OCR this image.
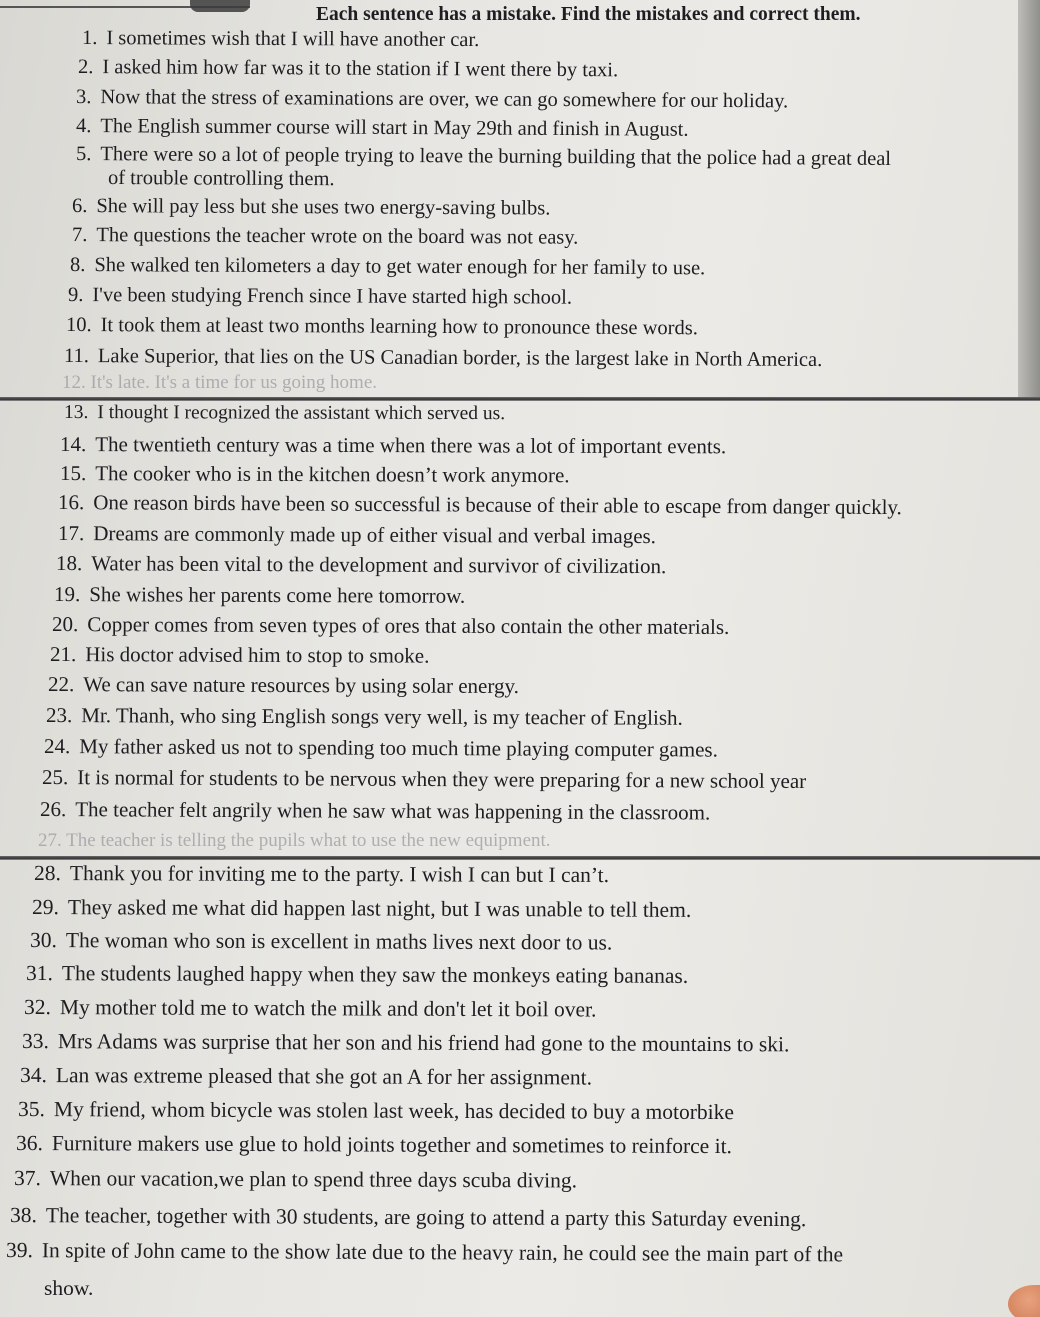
Each sentence has a mistake. Find the mistakes and correct them.
12. It's late. It's a time for us going home.
27. The teacher is telling the pupils what to use the new equipment.
1. I sometimes wish that I will have another car.
2. I asked him how far was it to the station if I went there by taxi.
3. Now that the stress of examinations are over, we can go somewhere for our holiday.
4. The English summer course will start in May 29th and finish in August.
5. There were so a lot of people trying to leave the burning building that the police had a great deal
of trouble controlling them.
6. She will pay less but she uses two energy-saving bulbs.
7. The questions the teacher wrote on the board was not easy.
8. She walked ten kilometers a day to get water enough for her family to use.
9. I've been studying French since I have started high school.
10. It took them at least two months learning how to pronounce these words.
11. Lake Superior, that lies on the US Canadian border, is the largest lake in North America.
13. I thought I recognized the assistant which served us.
14. The twentieth century was a time when there was a lot of important events.
15. The cooker who is in the kitchen doesn’t work anymore.
16. One reason birds have been so successful is because of their able to escape from danger quickly.
17. Dreams are commonly made up of either visual and verbal images.
18. Water has been vital to the development and survivor of civilization.
19. She wishes her parents come here tomorrow.
20. Copper comes from seven types of ores that also contain the other materials.
21. His doctor advised him to stop to smoke.
22. We can save nature resources by using solar energy.
23. Mr. Thanh, who sing English songs very well, is my teacher of English.
24. My father asked us not to spending too much time playing computer games.
25. It is normal for students to be nervous when they were preparing for a new school year
26. The teacher felt angrily when he saw what was happening in the classroom.
28. Thank you for inviting me to the party. I wish I can but I can’t.
29. They asked me what did happen last night, but I was unable to tell them.
30. The woman who son is excellent in maths lives next door to us.
31. The students laughed happy when they saw the monkeys eating bananas.
32. My mother told me to watch the milk and don't let it boil over.
33. Mrs Adams was surprise that her son and his friend had gone to the mountains to ski.
34. Lan was extreme pleased that she got an A for her assignment.
35. My friend, whom bicycle was stolen last week, has decided to buy a motorbike
36. Furniture makers use glue to hold joints together and sometimes to reinforce it.
37. When our vacation,we plan to spend three days scuba diving.
38. The teacher, together with 30 students, are going to attend a party this Saturday evening.
39. In spite of John came to the show late due to the heavy rain, he could see the main part of the
show.
